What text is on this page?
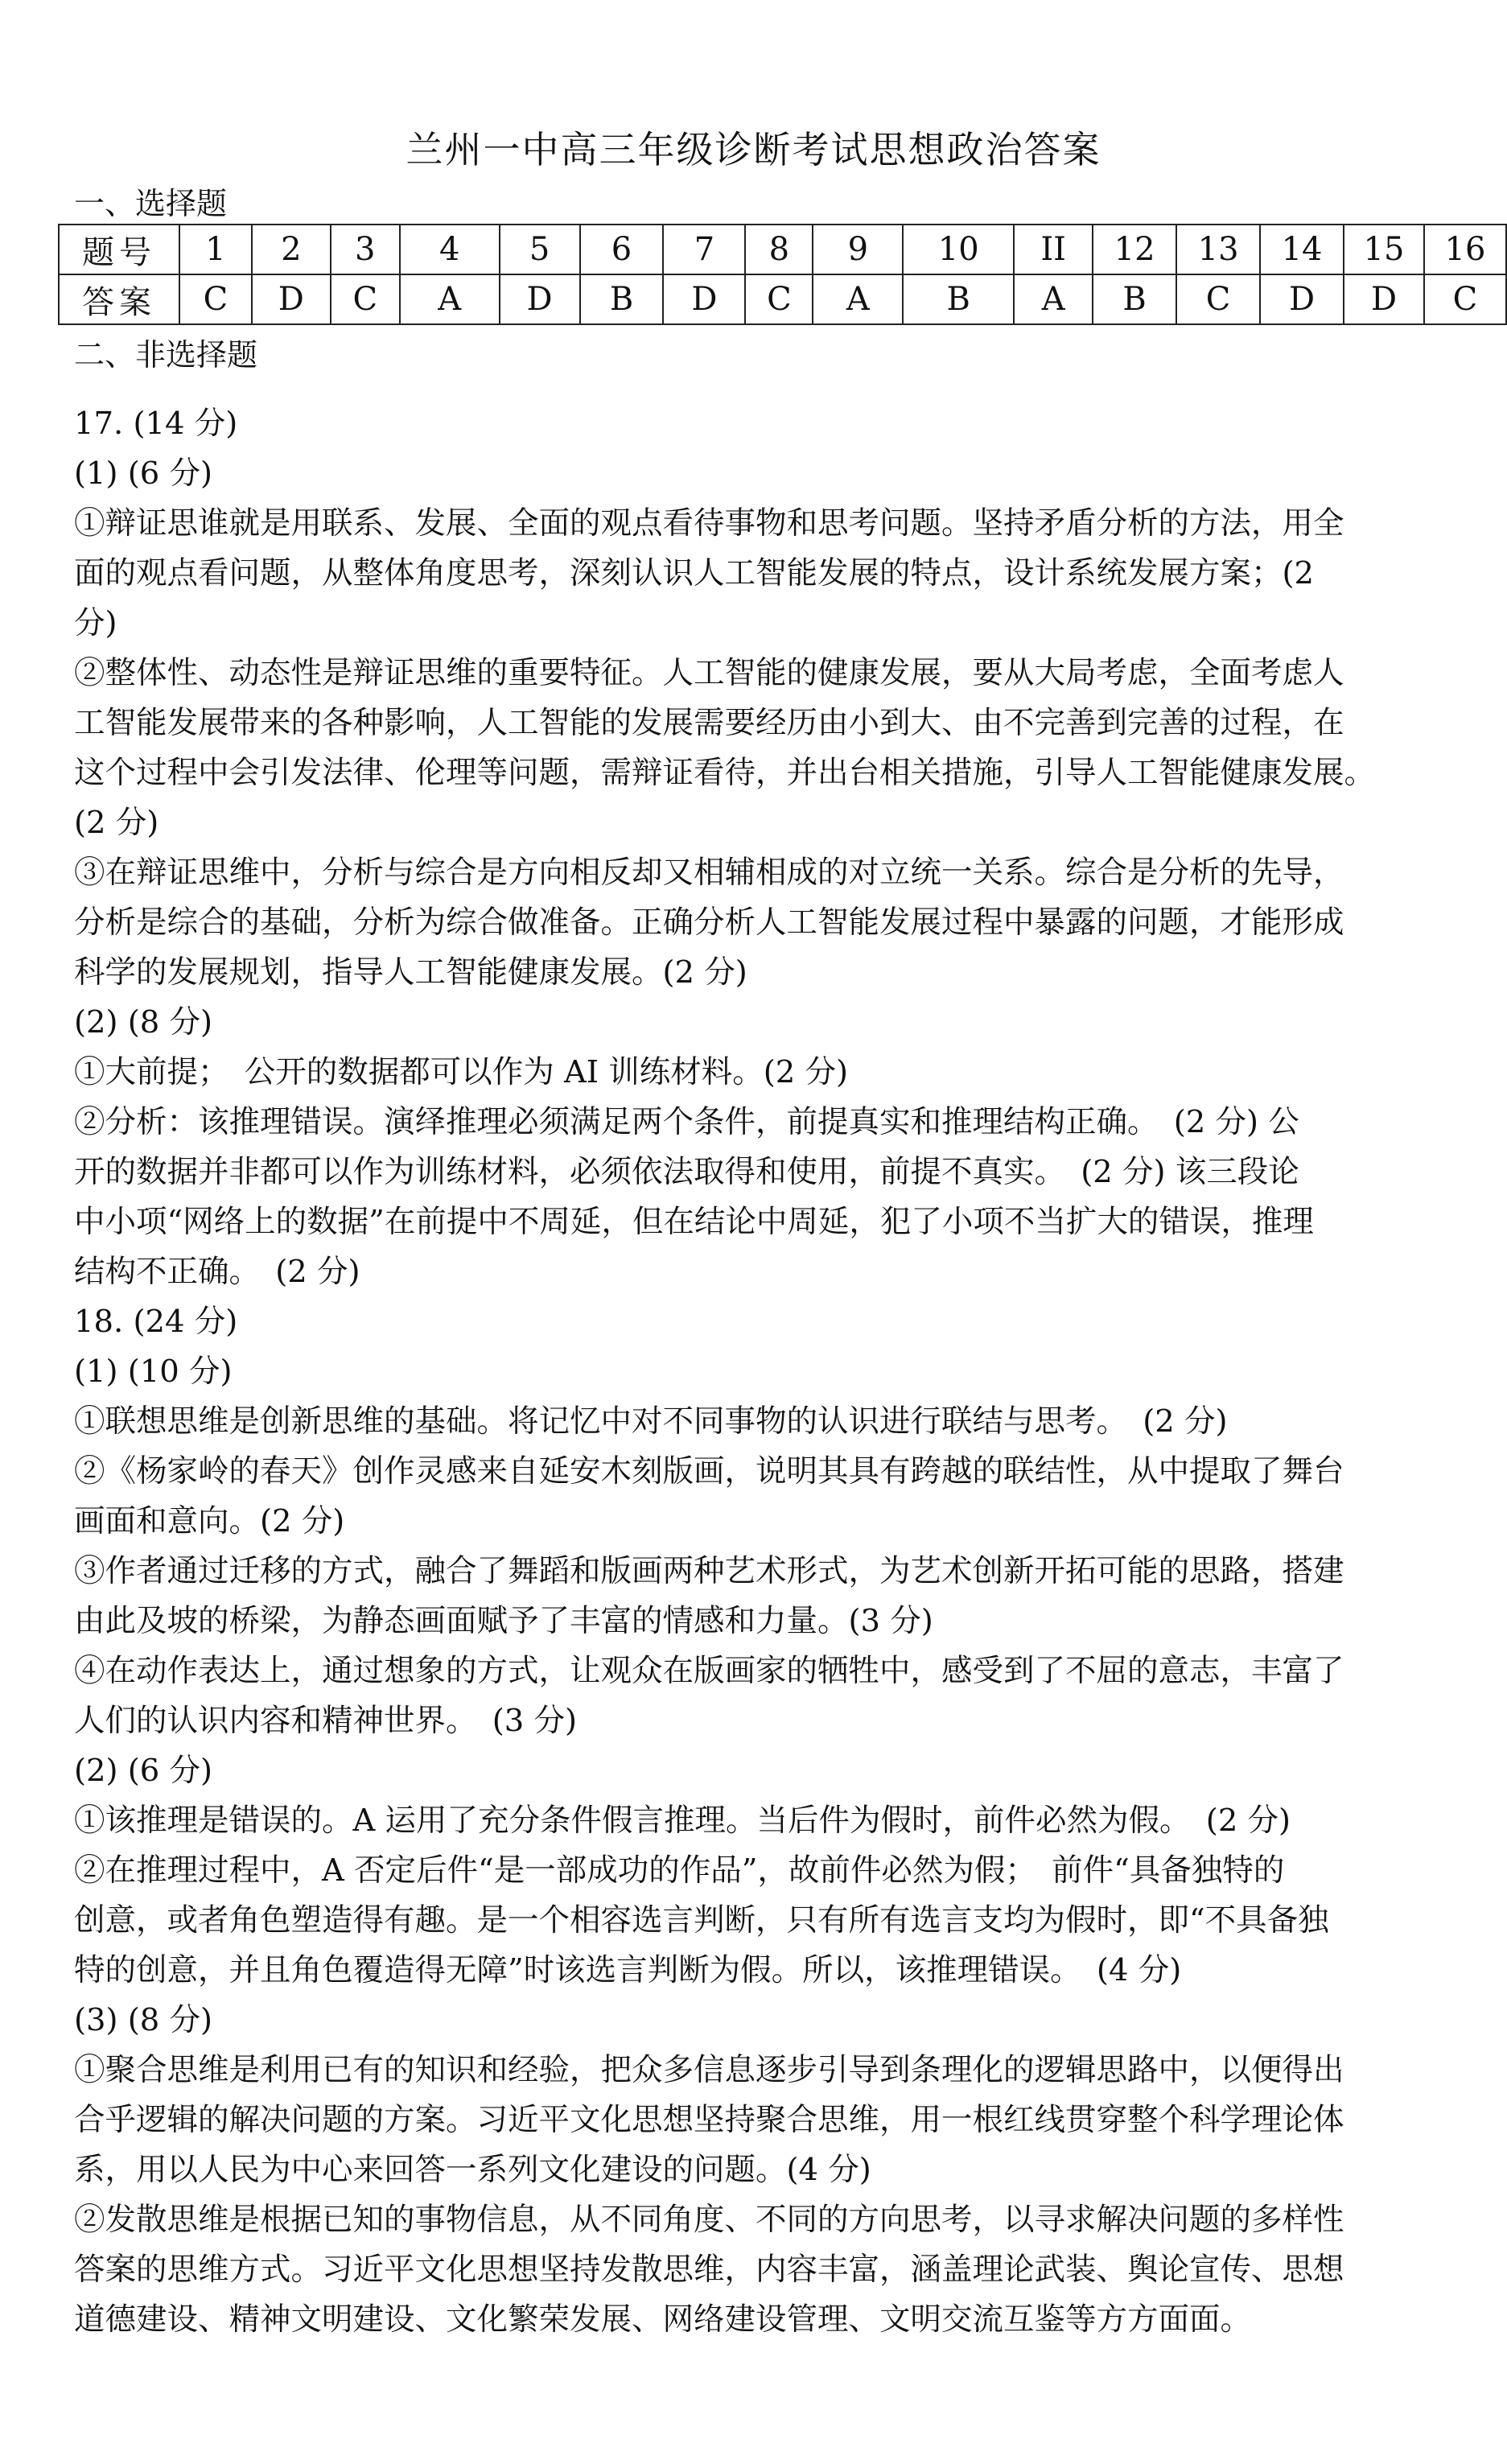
兰州一中高三年级诊断考试思想政治答案
一、选择题
题号	1	2	3	4	5	6	7	8	9	10	II	12	13	14	15	16
答案	C	D	C	A	D	B	D	C	A	B	A	B	C	D	D	C
二、非选择题
17. (14 分)
(1) (6 分)
①辩证思谁就是用联系、发展、全面的观点看待事物和思考问题。坚持矛盾分析的方法，用全
面的观点看问题，从整体角度思考，深刻认识人工智能发展的特点，设计系统发展方案；(2
分)
②整体性、动态性是辩证思维的重要特征。人工智能的健康发展，要从大局考虑，全面考虑人
工智能发展带来的各种影响，人工智能的发展需要经历由小到大、由不完善到完善的过程，在
这个过程中会引发法律、伦理等问题，需辩证看待，并出台相关措施，引导人工智能健康发展。
(2 分)
③在辩证思维中，分析与综合是方向相反却又相辅相成的对立统一关系。综合是分析的先导，
分析是综合的基础，分析为综合做准备。正确分析人工智能发展过程中暴露的问题，才能形成
科学的发展规划，指导人工智能健康发展。(2 分)
(2) (8 分)
①大前提；　公开的数据都可以作为 AI 训练材料。(2 分)
②分析：该推理错误。演绎推理必须满足两个条件，前提真实和推理结构正确。　(2 分) 公
开的数据并非都可以作为训练材料，必须依法取得和使用，前提不真实。　(2 分) 该三段论
中小项“网络上的数据”在前提中不周延，但在结论中周延，犯了小项不当扩大的错误，推理
结构不正确。　(2 分)
18. (24 分)
(1) (10 分)
①联想思维是创新思维的基础。将记忆中对不同事物的认识进行联结与思考。　(2 分)
②《杨家岭的春天》创作灵感来自延安木刻版画，说明其具有跨越的联结性，从中提取了舞台
画面和意向。(2 分)
③作者通过迁移的方式，融合了舞蹈和版画两种艺术形式，为艺术创新开拓可能的思路，搭建
由此及坡的桥梁，为静态画面赋予了丰富的情感和力量。(3 分)
④在动作表达上，通过想象的方式，让观众在版画家的牺牲中，感受到了不屈的意志，丰富了
人们的认识内容和精神世界。　(3 分)
(2) (6 分)
①该推理是错误的。A 运用了充分条件假言推理。当后件为假时，前件必然为假。　(2 分)
②在推理过程中，A 否定后件“是一部成功的作品”，故前件必然为假；　前件“具备独特的
创意，或者角色塑造得有趣。是一个相容选言判断，只有所有选言支均为假时，即“不具备独
特的创意，并且角色覆造得无障”时该选言判断为假。所以，该推理错误。　(4 分)
(3) (8 分)
①聚合思维是利用已有的知识和经验，把众多信息逐步引导到条理化的逻辑思路中，以便得出
合乎逻辑的解决问题的方案。习近平文化思想坚持聚合思维，用一根红线贯穿整个科学理论体
系，用以人民为中心来回答一系列文化建设的问题。(4 分)
②发散思维是根据已知的事物信息，从不同角度、不同的方向思考，以寻求解决问题的多样性
答案的思维方式。习近平文化思想坚持发散思维，内容丰富，涵盖理论武装、舆论宣传、思想
道德建设、精神文明建设、文化繁荣发展、网络建设管理、文明交流互鉴等方方面面。
